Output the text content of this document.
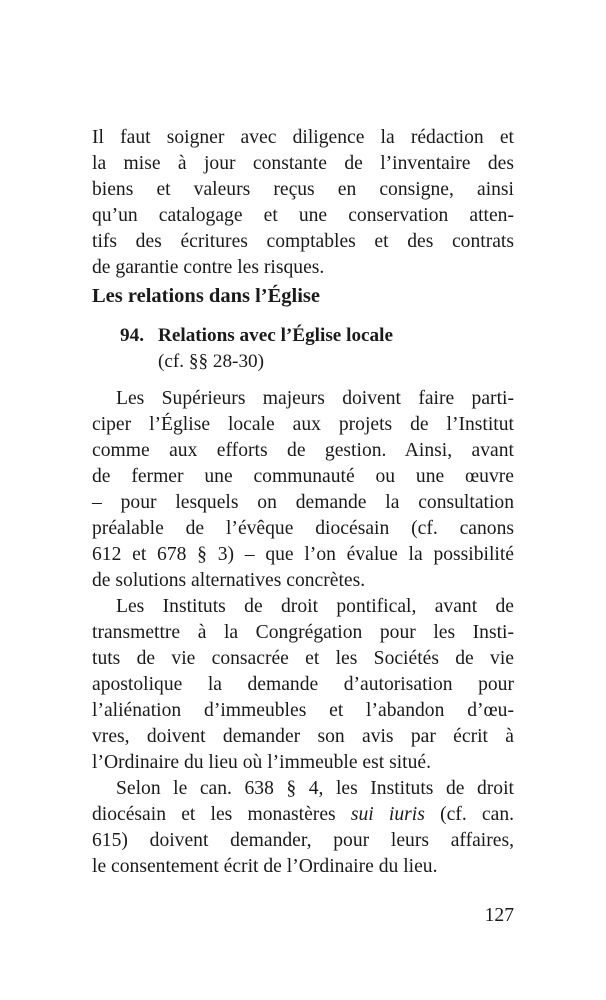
Il faut soigner avec diligence la rédaction et
la mise à jour constante de l’inventaire des
biens et valeurs reçus en consigne, ainsi
qu’un catalogage et une conservation atten-
tifs des écritures comptables et des contrats
de garantie contre les risques.
Les relations dans l’Église
94. Relations avec l’Église locale
(cf. §§ 28-30)
Les Supérieurs majeurs doivent faire parti-
ciper l’Église locale aux projets de l’Institut
comme aux efforts de gestion. Ainsi, avant
de fermer une communauté ou une œuvre
– pour lesquels on demande la consultation
préalable de l’évêque diocésain (cf. canons
612 et 678 § 3) – que l’on évalue la possibilité
de solutions alternatives concrètes.
Les Instituts de droit pontifical, avant de
transmettre à la Congrégation pour les Insti-
tuts de vie consacrée et les Sociétés de vie
apostolique la demande d’autorisation pour
l’aliénation d’immeubles et l’abandon d’œu-
vres, doivent demander son avis par écrit à
l’Ordinaire du lieu où l’immeuble est situé.
Selon le can. 638 § 4, les Instituts de droit
diocésain et les monastères sui iuris (cf. can.
615) doivent demander, pour leurs affaires,
le consentement écrit de l’Ordinaire du lieu.
127
